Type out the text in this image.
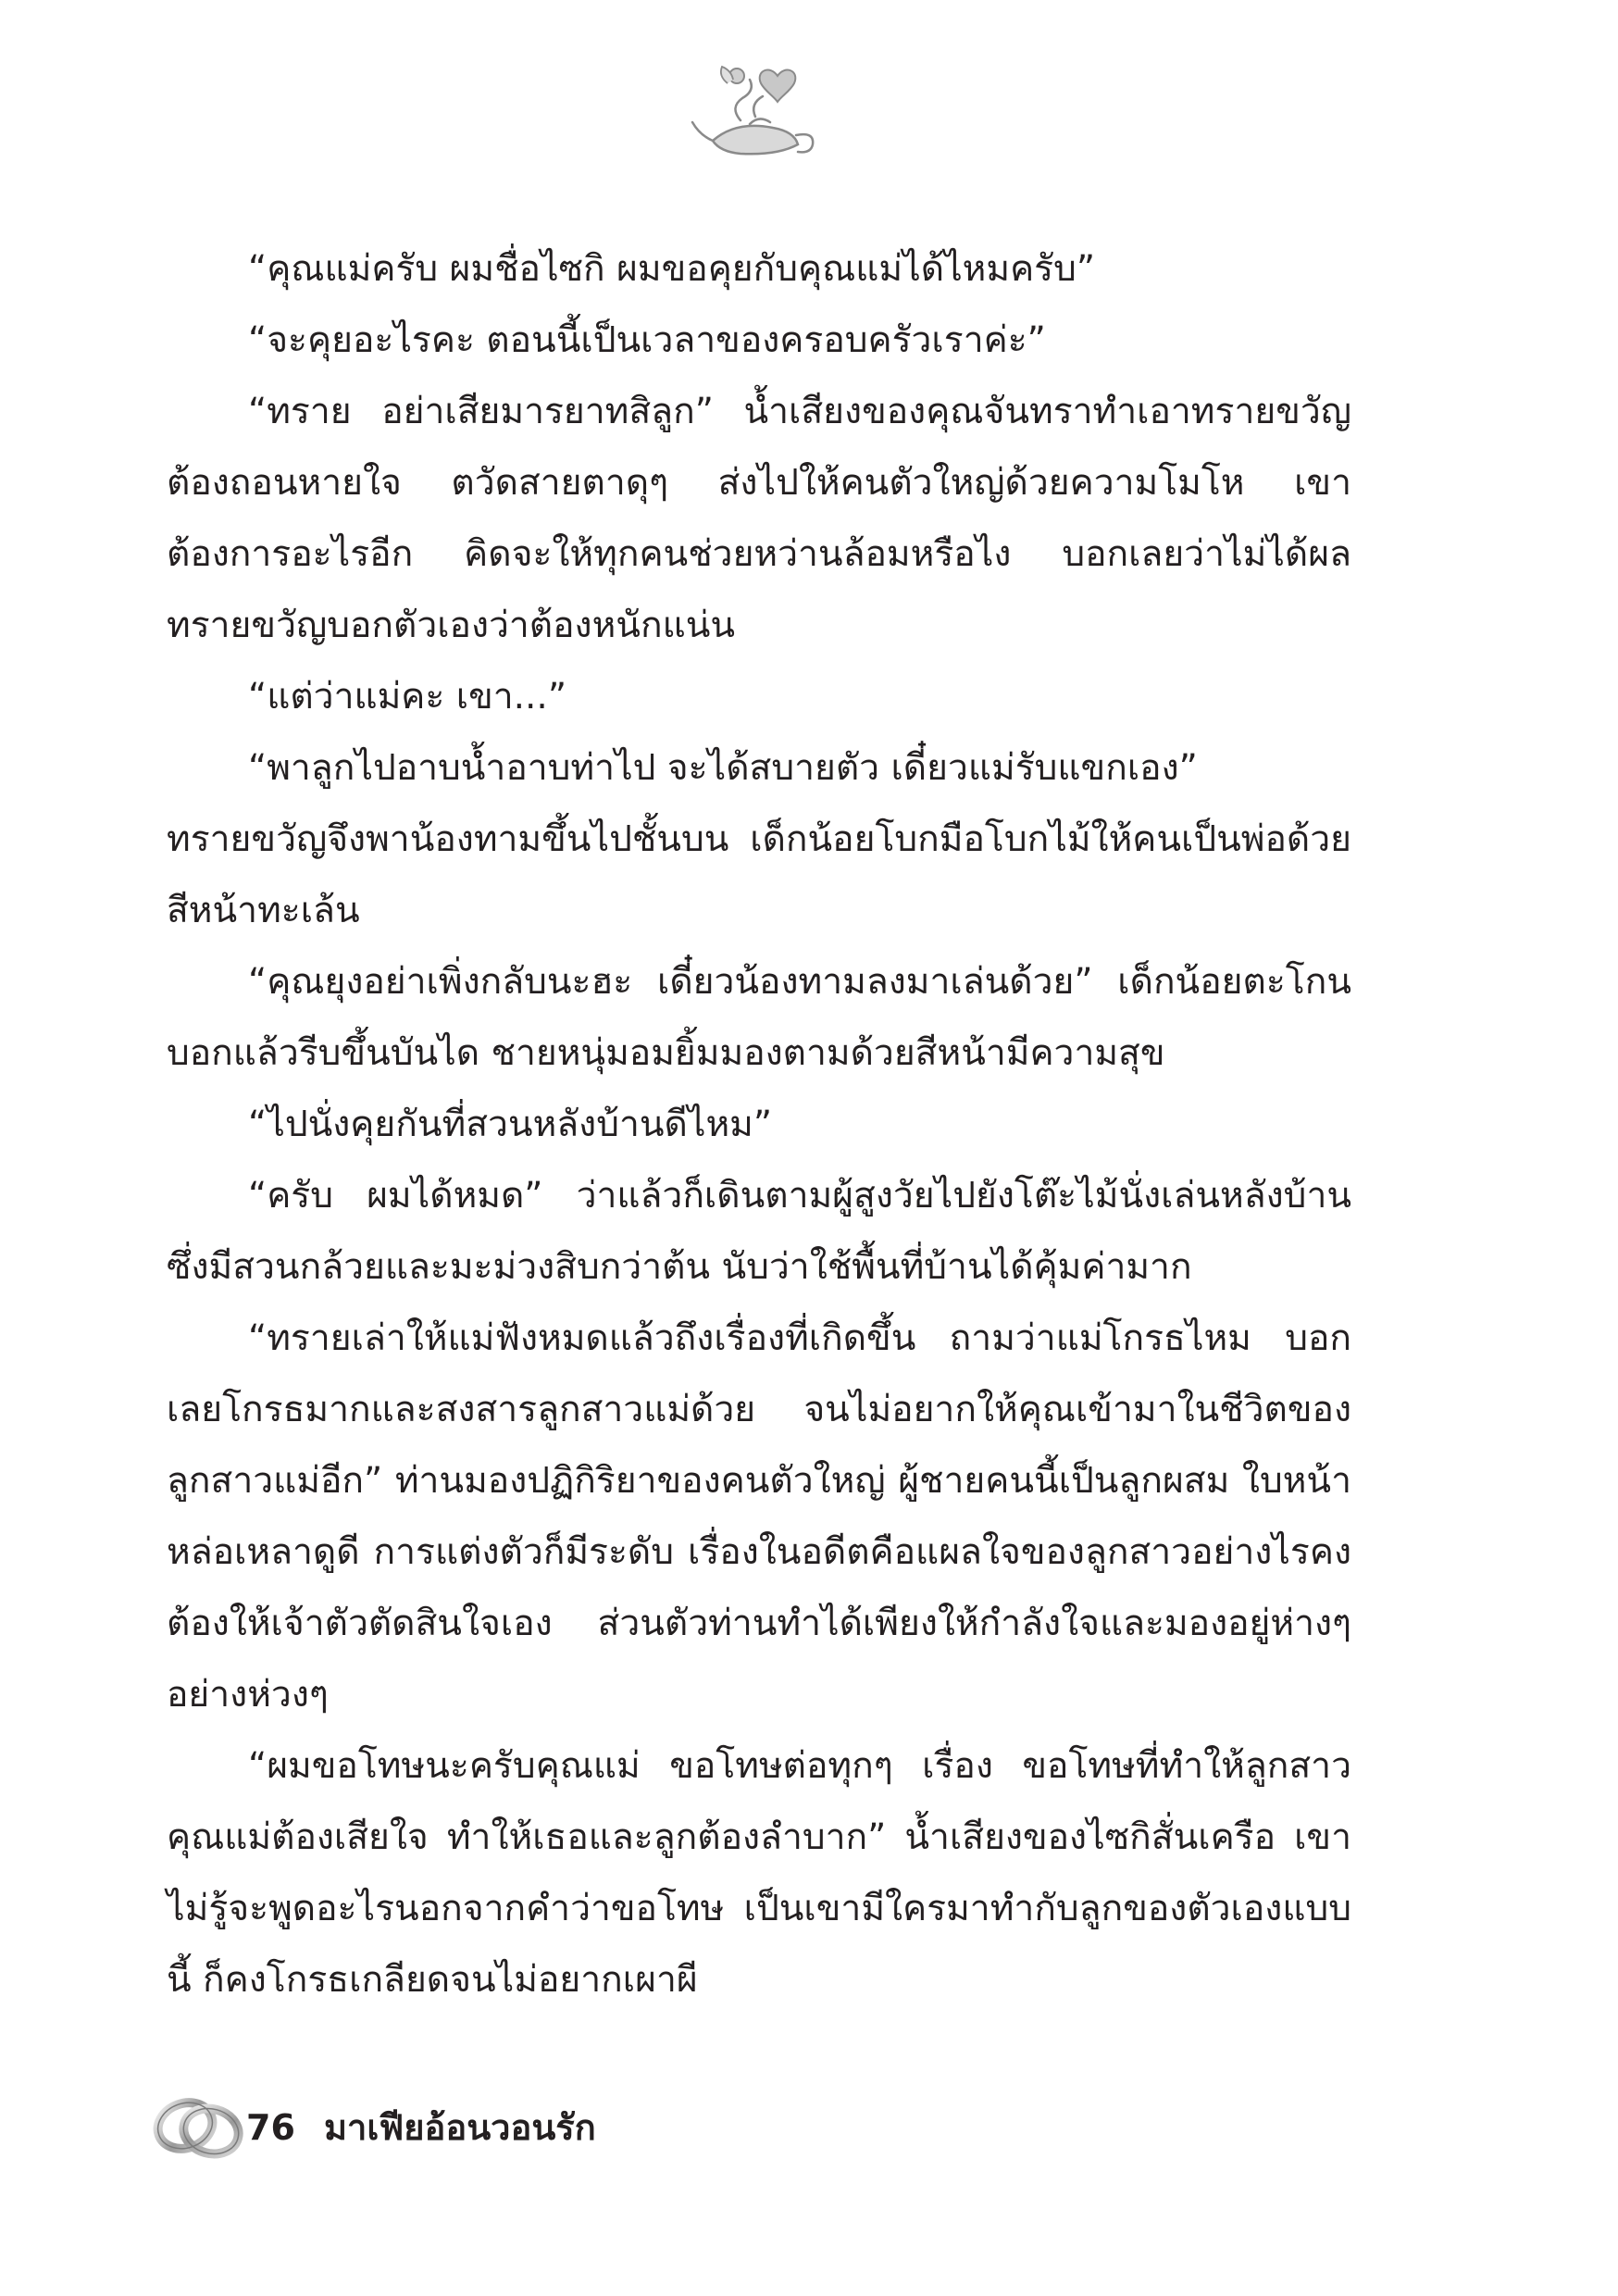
“คุณแม่ครับ ผมชื่อไซกิ ผมขอคุยกับคุณแม่ได้ไหมครับ”

“จะคุยอะไรคะ ตอนนี้เป็นเวลาของครอบครัวเราค่ะ”

“ทราย อย่าเสียมารยาทสิลูก” น้ำเสียงของคุณจันทราทำเอาทรายขวัญต้องถอนหายใจ ตวัดสายตาดุๆ ส่งไปให้คนตัวใหญ่ด้วยความโมโห เขาต้องการอะไรอีก คิดจะให้ทุกคนช่วยหว่านล้อมหรือไง บอกเลยว่าไม่ได้ผล ทรายขวัญบอกตัวเองว่าต้องหนักแน่น

“แต่ว่าแม่คะ เขา...”

“พาลูกไปอาบน้ำอาบท่าไป จะได้สบายตัว เดี๋ยวแม่รับแขกเอง”

ทรายขวัญจึงพาน้องทามขึ้นไปชั้นบน เด็กน้อยโบกมือโบกไม้ให้คนเป็นพ่อด้วยสีหน้าทะเล้น

“คุณยุงอย่าเพิ่งกลับนะฮะ เดี๋ยวน้องทามลงมาเล่นด้วย” เด็กน้อยตะโกนบอกแล้วรีบขึ้นบันได ชายหนุ่มอมยิ้มมองตามด้วยสีหน้ามีความสุข

“ไปนั่งคุยกันที่สวนหลังบ้านดีไหม”

“ครับ ผมได้หมด” ว่าแล้วก็เดินตามผู้สูงวัยไปยังโต๊ะไม้นั่งเล่นหลังบ้าน ซึ่งมีสวนกล้วยและมะม่วงสิบกว่าต้น นับว่าใช้พื้นที่บ้านได้คุ้มค่ามาก

“ทรายเล่าให้แม่ฟังหมดแล้วถึงเรื่องที่เกิดขึ้น ถามว่าแม่โกรธไหม บอกเลยโกรธมากและสงสารลูกสาวแม่ด้วย จนไม่อยากให้คุณเข้ามาในชีวิตของลูกสาวแม่อีก” ท่านมองปฏิกิริยาของคนตัวใหญ่ ผู้ชายคนนี้เป็นลูกผสม ใบหน้าหล่อเหลาดูดี การแต่งตัวก็มีระดับ เรื่องในอดีตคือแผลใจของลูกสาวอย่างไรคงต้องให้เจ้าตัวตัดสินใจเอง ส่วนตัวท่านทำได้เพียงให้กำลังใจและมองอยู่ห่างๆ อย่างห่วงๆ

“ผมขอโทษนะครับคุณแม่ ขอโทษต่อทุกๆ เรื่อง ขอโทษที่ทำให้ลูกสาวคุณแม่ต้องเสียใจ ทำให้เธอและลูกต้องลำบาก” น้ำเสียงของไซกิสั่นเครือ เขาไม่รู้จะพูดอะไรนอกจากคำว่าขอโทษ เป็นเขามีใครมาทำกับลูกของตัวเองแบบนี้ ก็คงโกรธเกลียดจนไม่อยากเผาผี

76 มาเฟียอ้อนวอนรัก
